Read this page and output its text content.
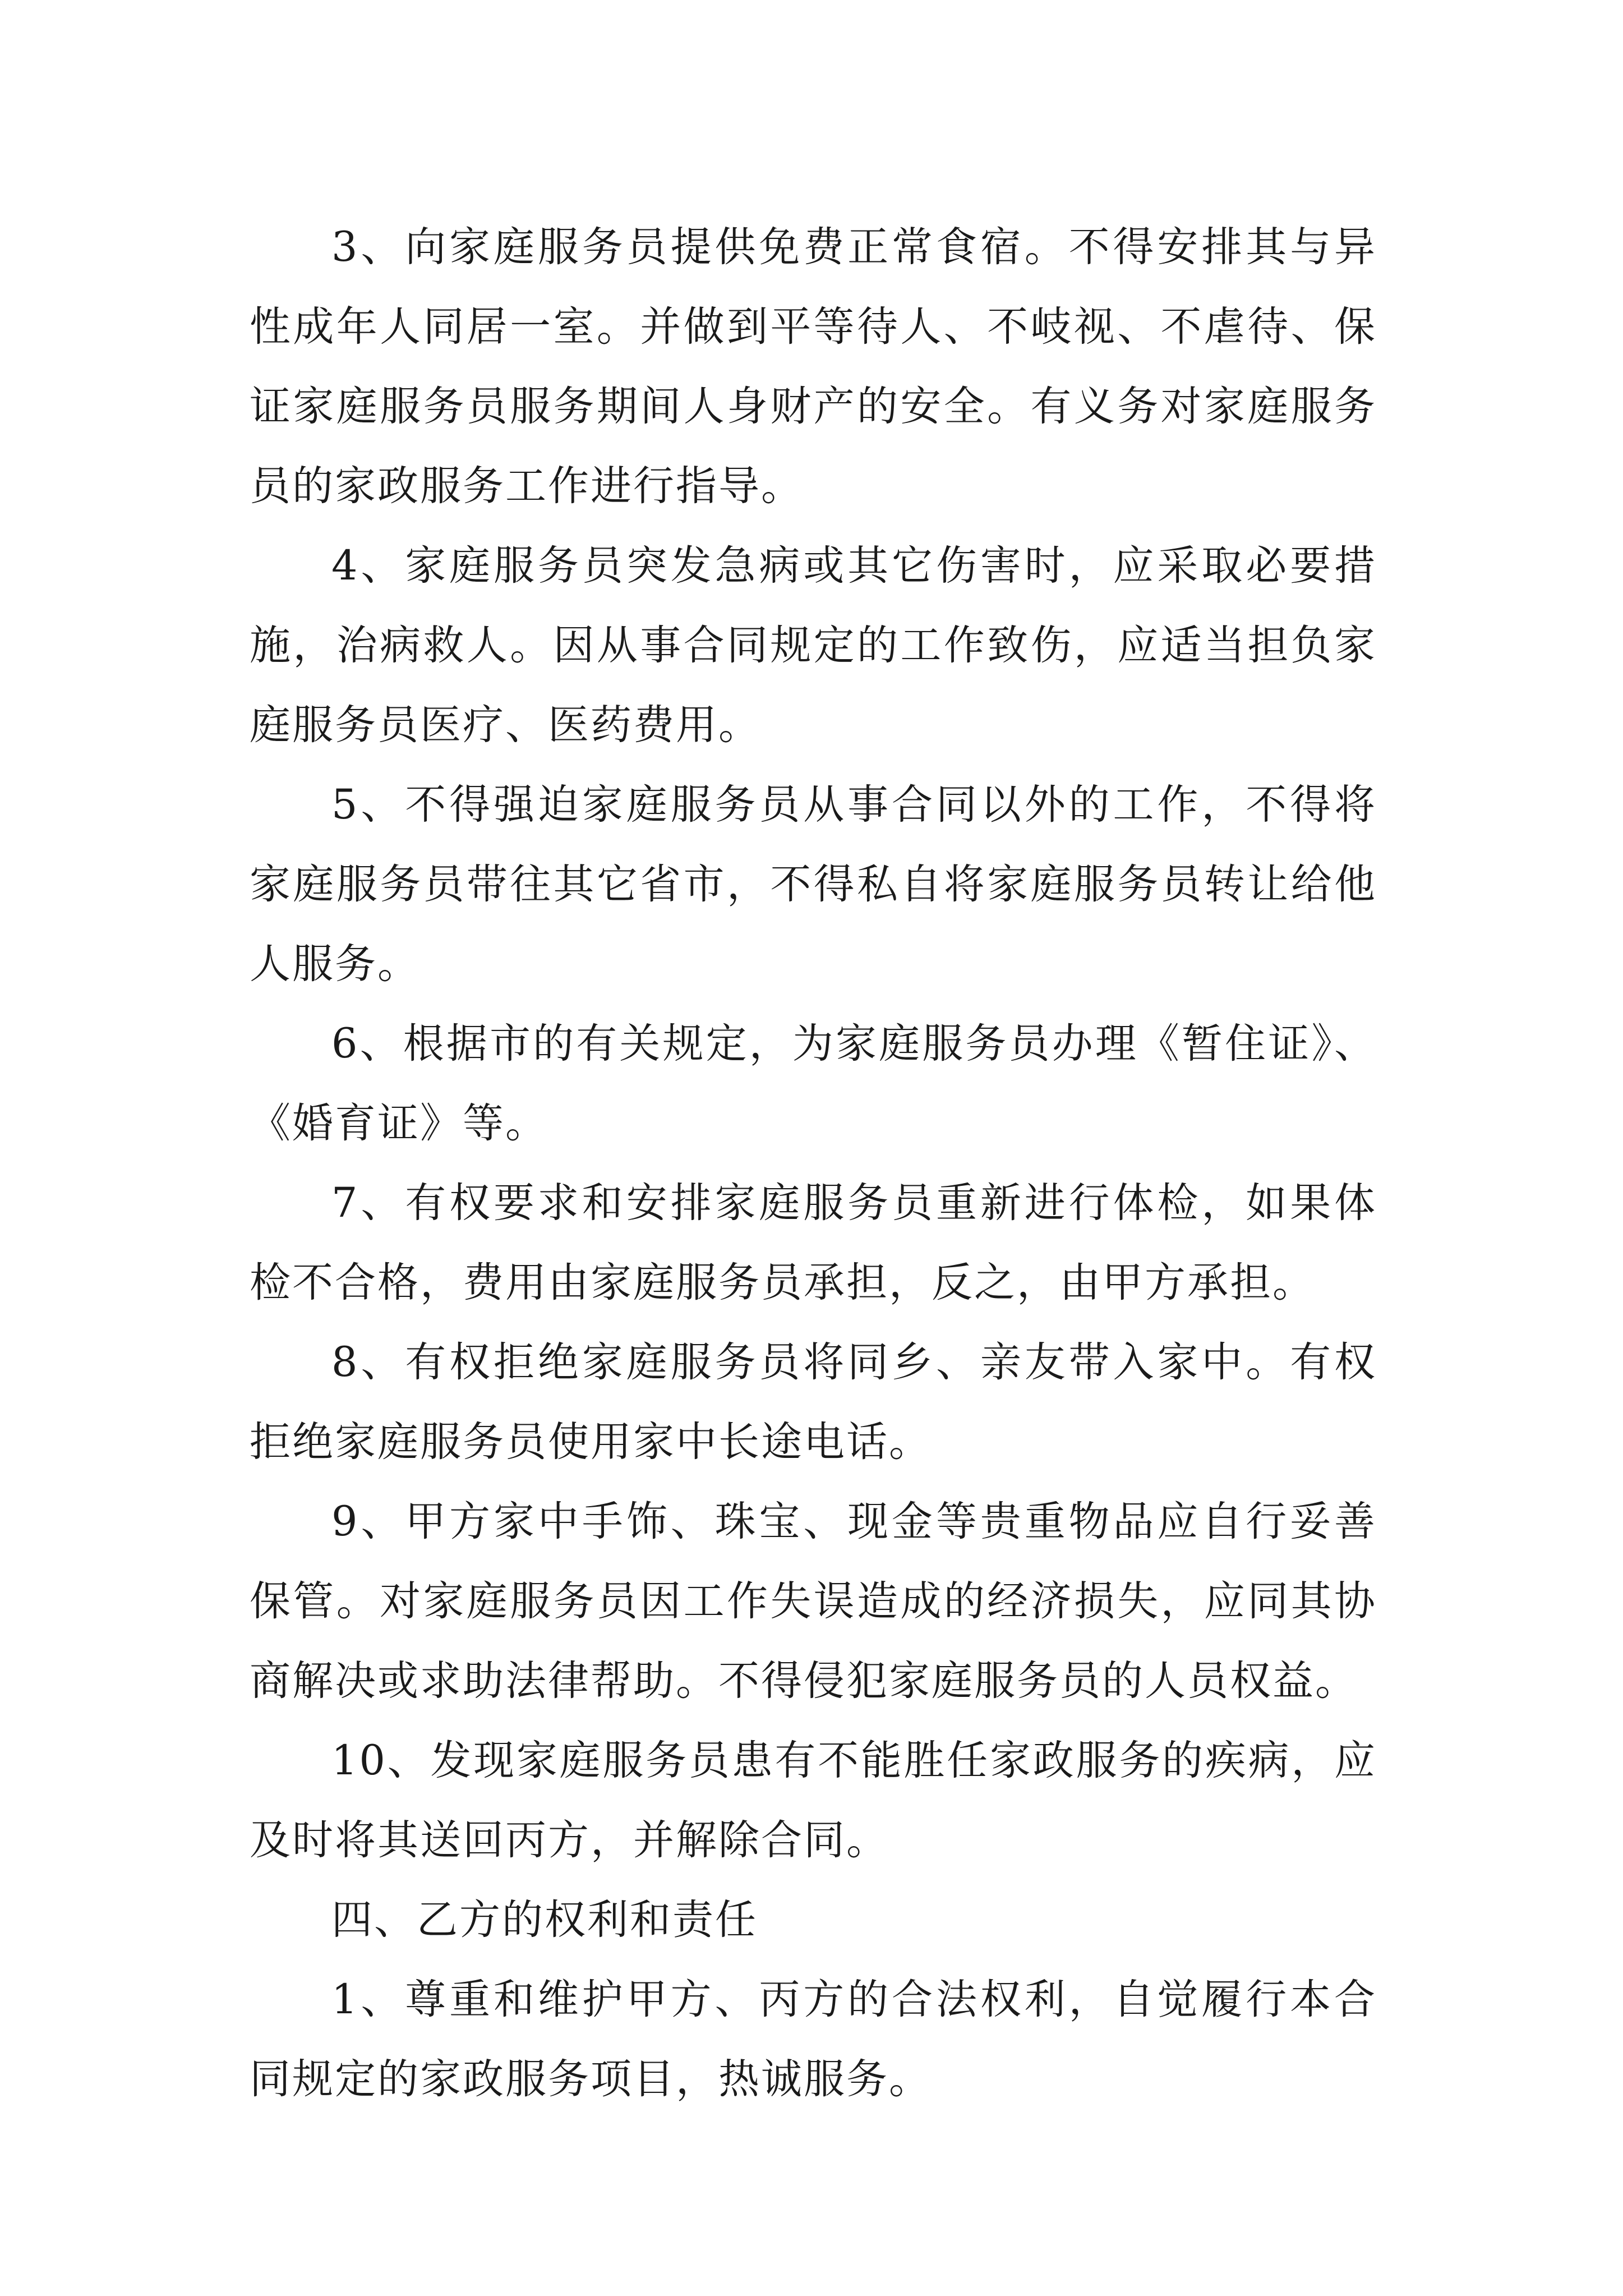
3、向家庭服务员提供免费正常食宿。不得安排其与异性成年人同居一室。并做到平等待人、不岐视、不虐待、保证家庭服务员服务期间人身财产的安全。有义务对家庭服务员的家政服务工作进行指导。

4、家庭服务员突发急病或其它伤害时，应采取必要措施，治病救人。因从事合同规定的工作致伤，应适当担负家庭服务员医疗、医药费用。

5、不得强迫家庭服务员从事合同以外的工作，不得将家庭服务员带往其它省市，不得私自将家庭服务员转让给他人服务。

6、根据市的有关规定，为家庭服务员办理《暂住证》、《婚育证》等。

7、有权要求和安排家庭服务员重新进行体检，如果体检不合格，费用由家庭服务员承担，反之，由甲方承担。

8、有权拒绝家庭服务员将同乡、亲友带入家中。有权拒绝家庭服务员使用家中长途电话。

9、甲方家中手饰、珠宝、现金等贵重物品应自行妥善保管。对家庭服务员因工作失误造成的经济损失，应同其协商解决或求助法律帮助。不得侵犯家庭服务员的人员权益。

10、发现家庭服务员患有不能胜任家政服务的疾病，应及时将其送回丙方，并解除合同。

四、乙方的权利和责任

1、尊重和维护甲方、丙方的合法权利，自觉履行本合同规定的家政服务项目，热诚服务。
